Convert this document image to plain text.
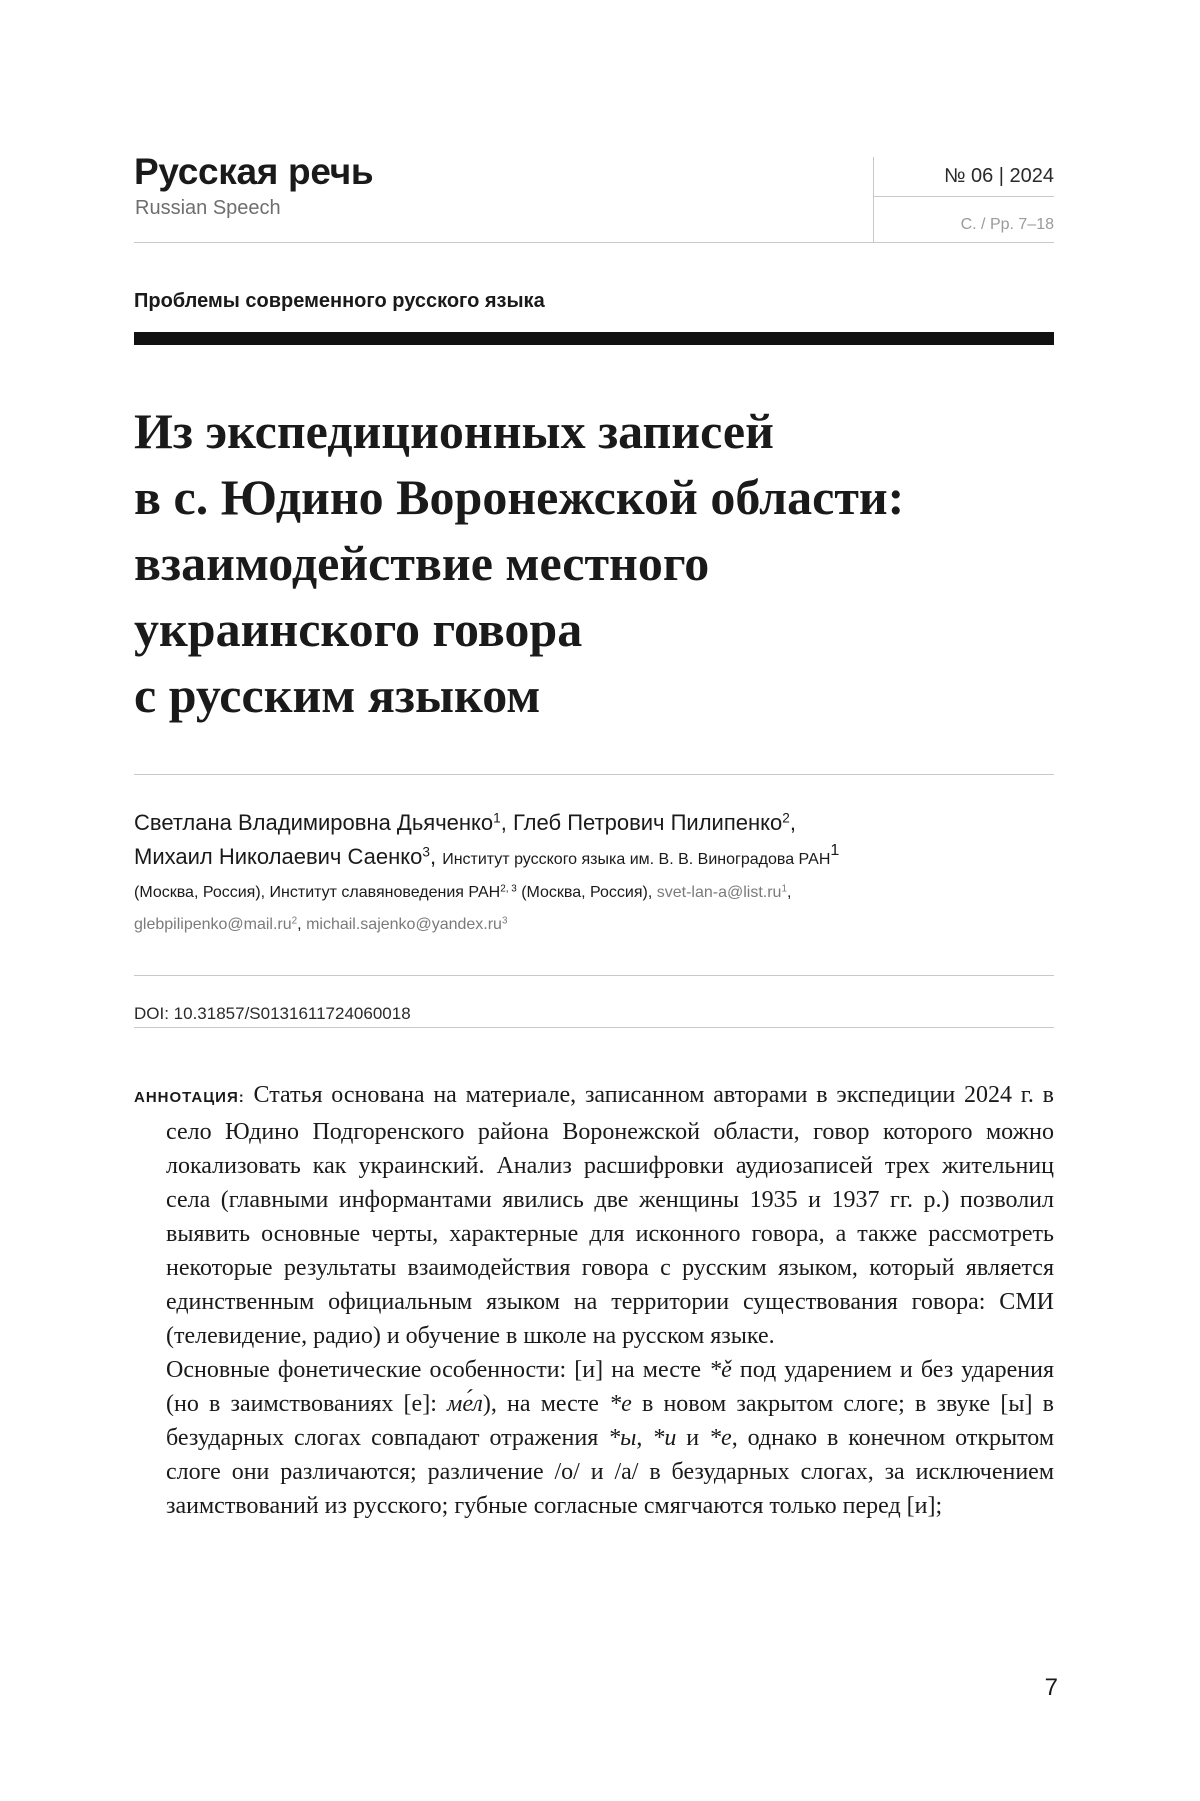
Русская речь
Russian Speech
№ 06 | 2024
С. / Pp. 7–18
Проблемы современного русского языка
Из экспедиционных записей
в с. Юдино Воронежской области:
взаимодействие местного
украинского говора
с русским языком
Светлана Владимировна Дьяченко$^1$, Глеб Петрович Пилипенко$^2$,
Михаил Николаевич Саенко$^3$, Институт русского языка им. В. В. Виноградова РАН$^1$
(Москва, Россия), Институт славяноведения РАН$^{2, 3}$ (Москва, Россия), svet-$lan-a@list.ru^1$,
$glebpilipenko@mail.ru^2$, $michail.sajenko@yandex.ru^3$
DOI: 10.31857/S0131611724060018

АННОТАЦИЯ: Статья основана на материале, записанном авторами в экспедиции 2024 г. в село Юдино Подгоренского района Воронежской области, говор которого можно локализовать как украинский. Анализ расшифровки аудиозаписей трех жительниц села (главными информантами явились две женщины 1935 и 1937 гг. р.) позволил выявить основные черты, характерные для исконного говора, а также рассмотреть некоторые результаты взаимодействия говора с русским языком, который является единственным официальным языком на территории существования говора: СМИ (телевидение, радио) и обучение в школе на русском языке.

Основные фонетические особенности: [и] на месте *ě под ударением и без ударения (но в заимствованиях [е]: ме́л), на месте *е в новом закрытом слоге; в звуке [ы] в безударных слогах совпадают отражения *ы, *и и *е, однако в конечном открытом слоге они различаются; различение /о/ и /а/ в безударных слогах, за исключением заимствований из русского; губные согласные смягчаются только перед [и];

7
